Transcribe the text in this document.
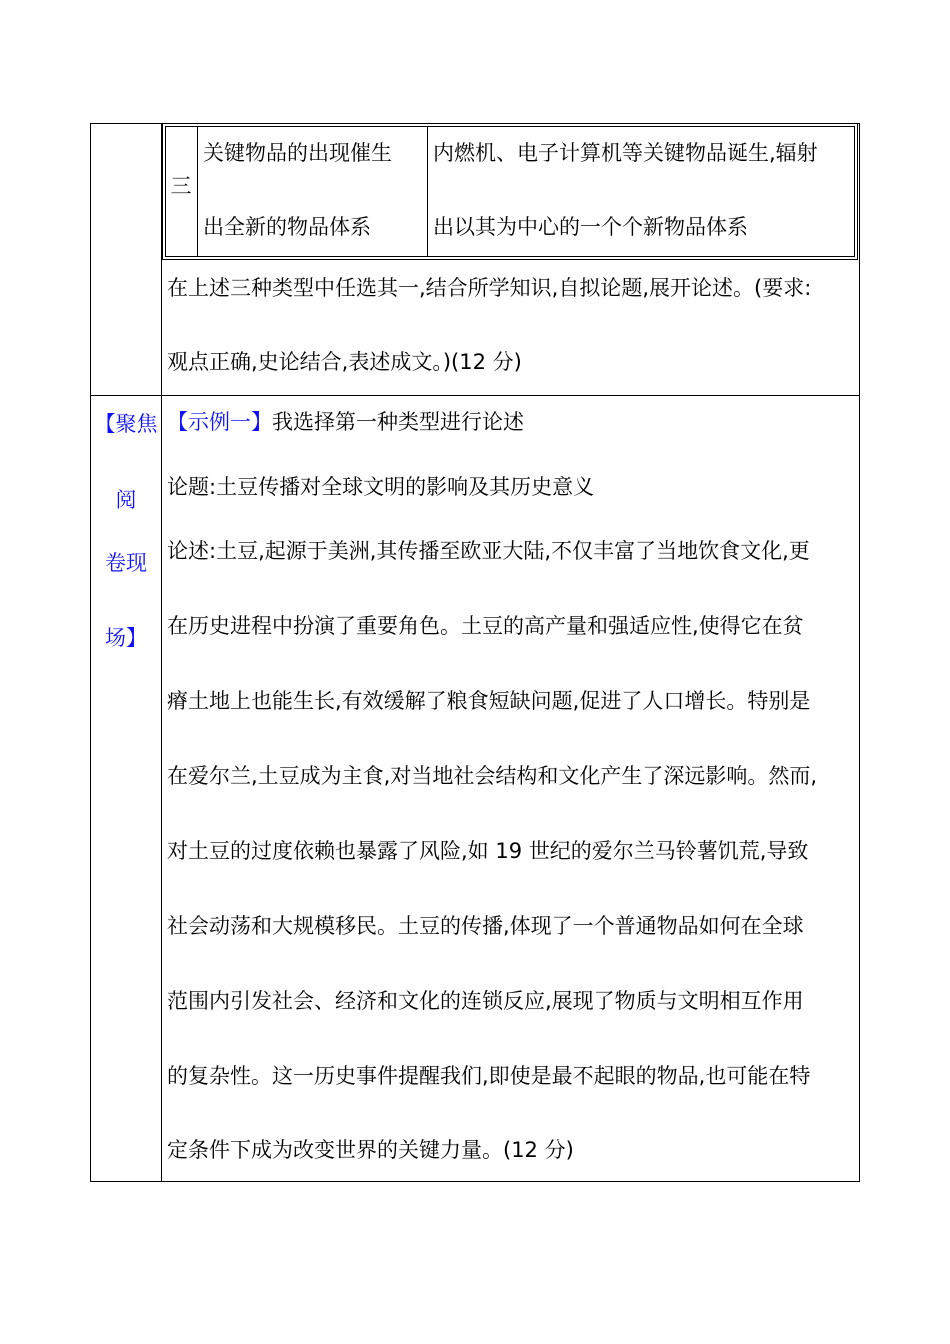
三
关键物品的出现催生
出全新的物品体系
内燃机、电子计算机等关键物品诞生,辐射
出以其为中心的一个个新物品体系
在上述三种类型中任选其一,结合所学知识,自拟论题,展开论述。(要求:
观点正确,史论结合,表述成文。)(12 分)
【聚焦
阅
卷现
场】
【示例一】我选择第一种类型进行论述
论题:土豆传播对全球文明的影响及其历史意义
论述:土豆,起源于美洲,其传播至欧亚大陆,不仅丰富了当地饮食文化,更
在历史进程中扮演了重要角色。土豆的高产量和强适应性,使得它在贫
瘠土地上也能生长,有效缓解了粮食短缺问题,促进了人口增长。特别是
在爱尔兰,土豆成为主食,对当地社会结构和文化产生了深远影响。然而,
对土豆的过度依赖也暴露了风险,如 19 世纪的爱尔兰马铃薯饥荒,导致
社会动荡和大规模移民。土豆的传播,体现了一个普通物品如何在全球
范围内引发社会、经济和文化的连锁反应,展现了物质与文明相互作用
的复杂性。这一历史事件提醒我们,即使是最不起眼的物品,也可能在特
定条件下成为改变世界的关键力量。(12 分)
